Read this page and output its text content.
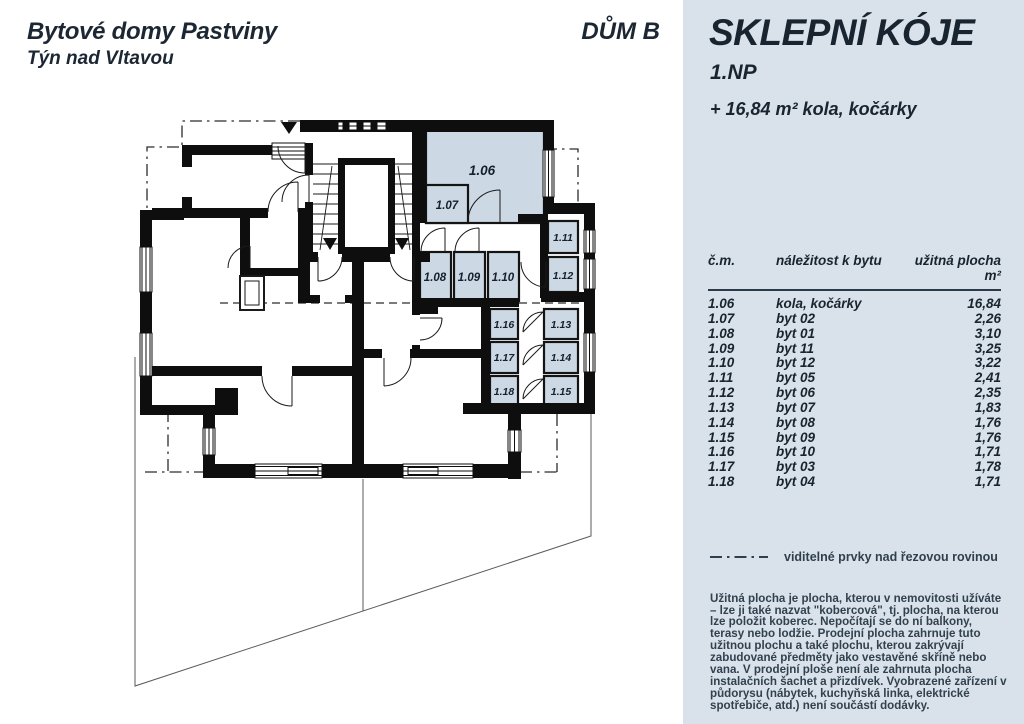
Bytové domy Pastviny
Týn nad Vltavou
DŮM B
1.06
1.07
1.08 1.09 1.10
1.11
1.12
1.13
1.14
1.15
1.16
1.17
1.18
SKLEPNÍ KÓJE
1.NP
+ 16,84 m² kola, kočárky
č.m.	náležitost k bytu	užitná plocha m²
1.06	kola, kočárky	16,84
1.07	byt 02	2,26
1.08	byt 01	3,10
1.09	byt 11	3,25
1.10	byt 12	3,22
1.11	byt 05	2,41
1.12	byt 06	2,35
1.13	byt 07	1,83
1.14	byt 08	1,76
1.15	byt 09	1,76
1.16	byt 10	1,71
1.17	byt 03	1,78
1.18	byt 04	1,71
viditelné prvky nad řezovou rovinou

Užitná plocha je plocha, kterou v nemovitosti užíváte – lze ji také nazvat "kobercová", tj. plocha, na kterou lze položit koberec. Nepočítají se do ní balkony, terasy nebo lodžie. Prodejní plocha zahrnuje tuto užitnou plochu a také plochu, kterou zakrývají zabudované předměty jako vestavěné skříně nebo vana. V prodejní ploše není ale zahrnuta plocha instalačních šachet a přizdívek. Vyobrazené zařízení v půdorysu (nábytek, kuchyňská linka, elektrické spotřebiče, atd.) není součástí dodávky.
